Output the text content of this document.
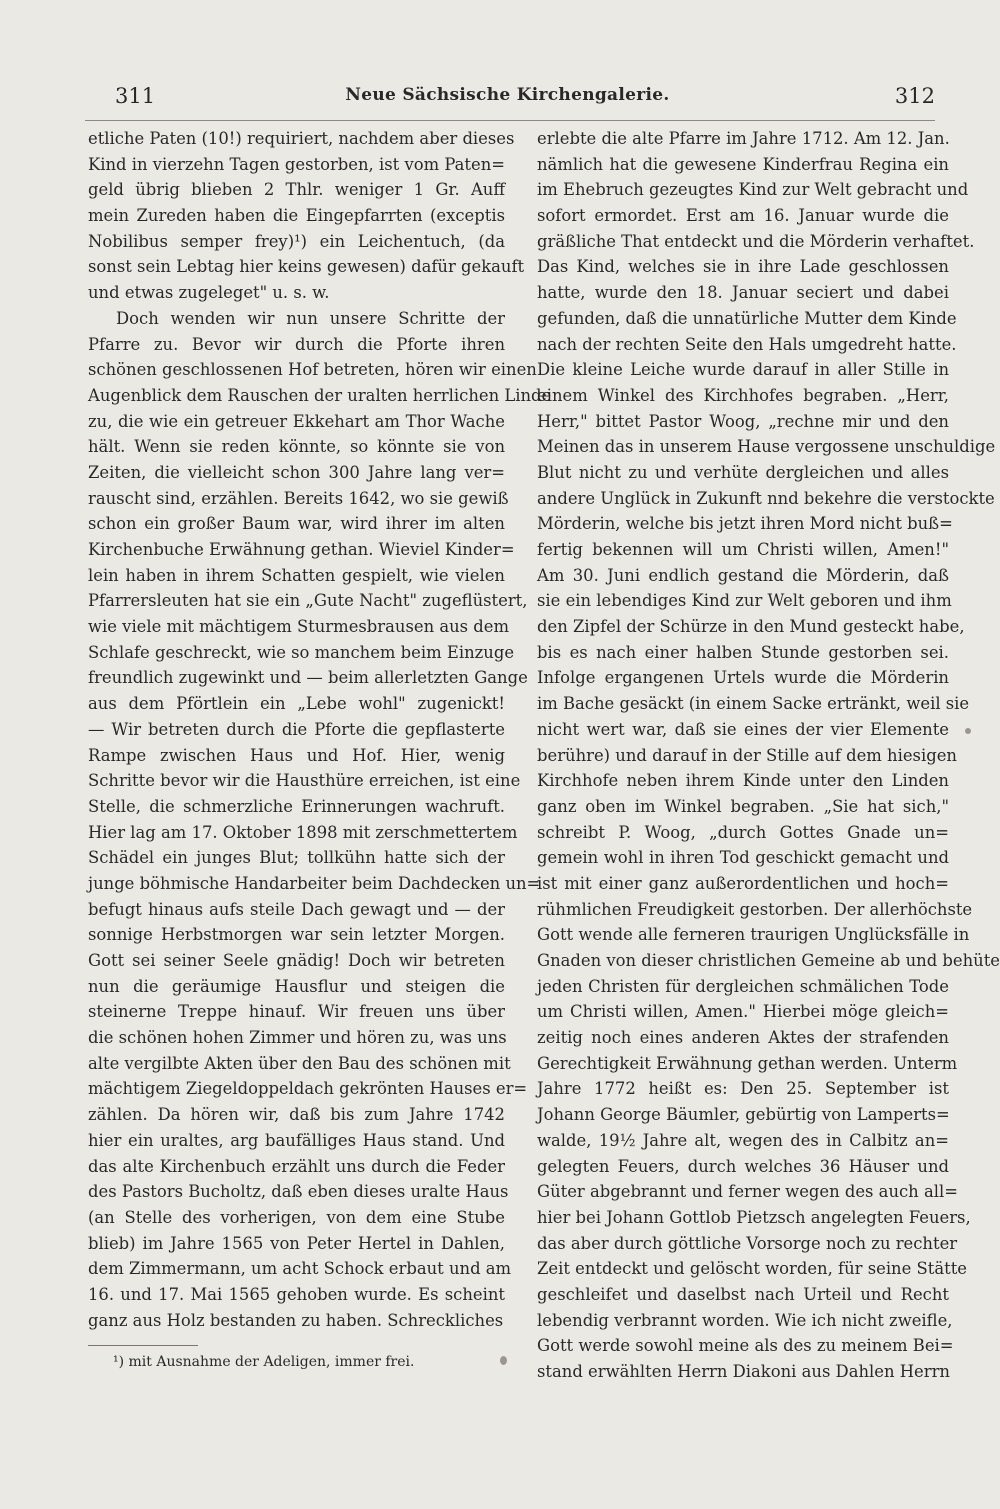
311	Neue Sächsische Kirchengalerie.	312
etliche Paten (10!) requiriert, nachdem aber dieses
Kind in vierzehn Tagen gestorben, ist vom Paten=
geld übrig blieben 2 Thlr. weniger 1 Gr. Auff
mein Zureden haben die Eingepfarrten (exceptis
Nobilibus semper frey)¹) ein Leichentuch, (da
sonst sein Lebtag hier keins gewesen) dafür gekauft
und etwas zugeleget" u. s. w.
Doch wenden wir nun unsere Schritte der
Pfarre zu. Bevor wir durch die Pforte ihren
schönen geschlossenen Hof betreten, hören wir einen
Augenblick dem Rauschen der uralten herrlichen Linde
zu, die wie ein getreuer Ekkehart am Thor Wache
hält. Wenn sie reden könnte, so könnte sie von
Zeiten, die vielleicht schon 300 Jahre lang ver=
rauscht sind, erzählen. Bereits 1642, wo sie gewiß
schon ein großer Baum war, wird ihrer im alten
Kirchenbuche Erwähnung gethan. Wieviel Kinder=
lein haben in ihrem Schatten gespielt, wie vielen
Pfarrersleuten hat sie ein „Gute Nacht" zugeflüstert,
wie viele mit mächtigem Sturmesbrausen aus dem
Schlafe geschreckt, wie so manchem beim Einzuge
freundlich zugewinkt und — beim allerletzten Gange
aus dem Pförtlein ein „Lebe wohl" zugenickt!
— Wir betreten durch die Pforte die gepflasterte
Rampe zwischen Haus und Hof. Hier, wenig
Schritte bevor wir die Hausthüre erreichen, ist eine
Stelle, die schmerzliche Erinnerungen wachruft.
Hier lag am 17. Oktober 1898 mit zerschmettertem
Schädel ein junges Blut; tollkühn hatte sich der
junge böhmische Handarbeiter beim Dachdecken un=
befugt hinaus aufs steile Dach gewagt und — der
sonnige Herbstmorgen war sein letzter Morgen.
Gott sei seiner Seele gnädig! Doch wir betreten
nun die geräumige Hausflur und steigen die
steinerne Treppe hinauf. Wir freuen uns über
die schönen hohen Zimmer und hören zu, was uns
alte vergilbte Akten über den Bau des schönen mit
mächtigem Ziegeldoppeldach gekrönten Hauses er=
zählen. Da hören wir, daß bis zum Jahre 1742
hier ein uraltes, arg baufälliges Haus stand. Und
das alte Kirchenbuch erzählt uns durch die Feder
des Pastors Bucholtz, daß eben dieses uralte Haus
(an Stelle des vorherigen, von dem eine Stube
blieb) im Jahre 1565 von Peter Hertel in Dahlen,
dem Zimmermann, um acht Schock erbaut und am
16. und 17. Mai 1565 gehoben wurde. Es scheint
ganz aus Holz bestanden zu haben. Schreckliches
erlebte die alte Pfarre im Jahre 1712. Am 12. Jan.
nämlich hat die gewesene Kinderfrau Regina ein
im Ehebruch gezeugtes Kind zur Welt gebracht und
sofort ermordet. Erst am 16. Januar wurde die
gräßliche That entdeckt und die Mörderin verhaftet.
Das Kind, welches sie in ihre Lade geschlossen
hatte, wurde den 18. Januar seciert und dabei
gefunden, daß die unnatürliche Mutter dem Kinde
nach der rechten Seite den Hals umgedreht hatte.
Die kleine Leiche wurde darauf in aller Stille in
einem Winkel des Kirchhofes begraben. „Herr,
Herr," bittet Pastor Woog, „rechne mir und den
Meinen das in unserem Hause vergossene unschuldige
Blut nicht zu und verhüte dergleichen und alles
andere Unglück in Zukunft nnd bekehre die verstockte
Mörderin, welche bis jetzt ihren Mord nicht buß=
fertig bekennen will um Christi willen, Amen!"
Am 30. Juni endlich gestand die Mörderin, daß
sie ein lebendiges Kind zur Welt geboren und ihm
den Zipfel der Schürze in den Mund gesteckt habe,
bis es nach einer halben Stunde gestorben sei.
Infolge ergangenen Urtels wurde die Mörderin
im Bache gesäckt (in einem Sacke ertränkt, weil sie
nicht wert war, daß sie eines der vier Elemente
berühre) und darauf in der Stille auf dem hiesigen
Kirchhofe neben ihrem Kinde unter den Linden
ganz oben im Winkel begraben. „Sie hat sich,"
schreibt P. Woog, „durch Gottes Gnade un=
gemein wohl in ihren Tod geschickt gemacht und
ist mit einer ganz außerordentlichen und hoch=
rühmlichen Freudigkeit gestorben. Der allerhöchste
Gott wende alle ferneren traurigen Unglücksfälle in
Gnaden von dieser christlichen Gemeine ab und behüte
jeden Christen für dergleichen schmälichen Tode
um Christi willen, Amen." Hierbei möge gleich=
zeitig noch eines anderen Aktes der strafenden
Gerechtigkeit Erwähnung gethan werden. Unterm
Jahre 1772 heißt es: Den 25. September ist
Johann George Bäumler, gebürtig von Lamperts=
walde, 19½ Jahre alt, wegen des in Calbitz an=
gelegten Feuers, durch welches 36 Häuser und
Güter abgebrannt und ferner wegen des auch all=
hier bei Johann Gottlob Pietzsch angelegten Feuers,
das aber durch göttliche Vorsorge noch zu rechter
Zeit entdeckt und gelöscht worden, für seine Stätte
geschleifet und daselbst nach Urteil und Recht
lebendig verbrannt worden. Wie ich nicht zweifle,
Gott werde sowohl meine als des zu meinem Bei=
stand erwählten Herrn Diakoni aus Dahlen Herrn
¹) mit Ausnahme der Adeligen, immer frei.
